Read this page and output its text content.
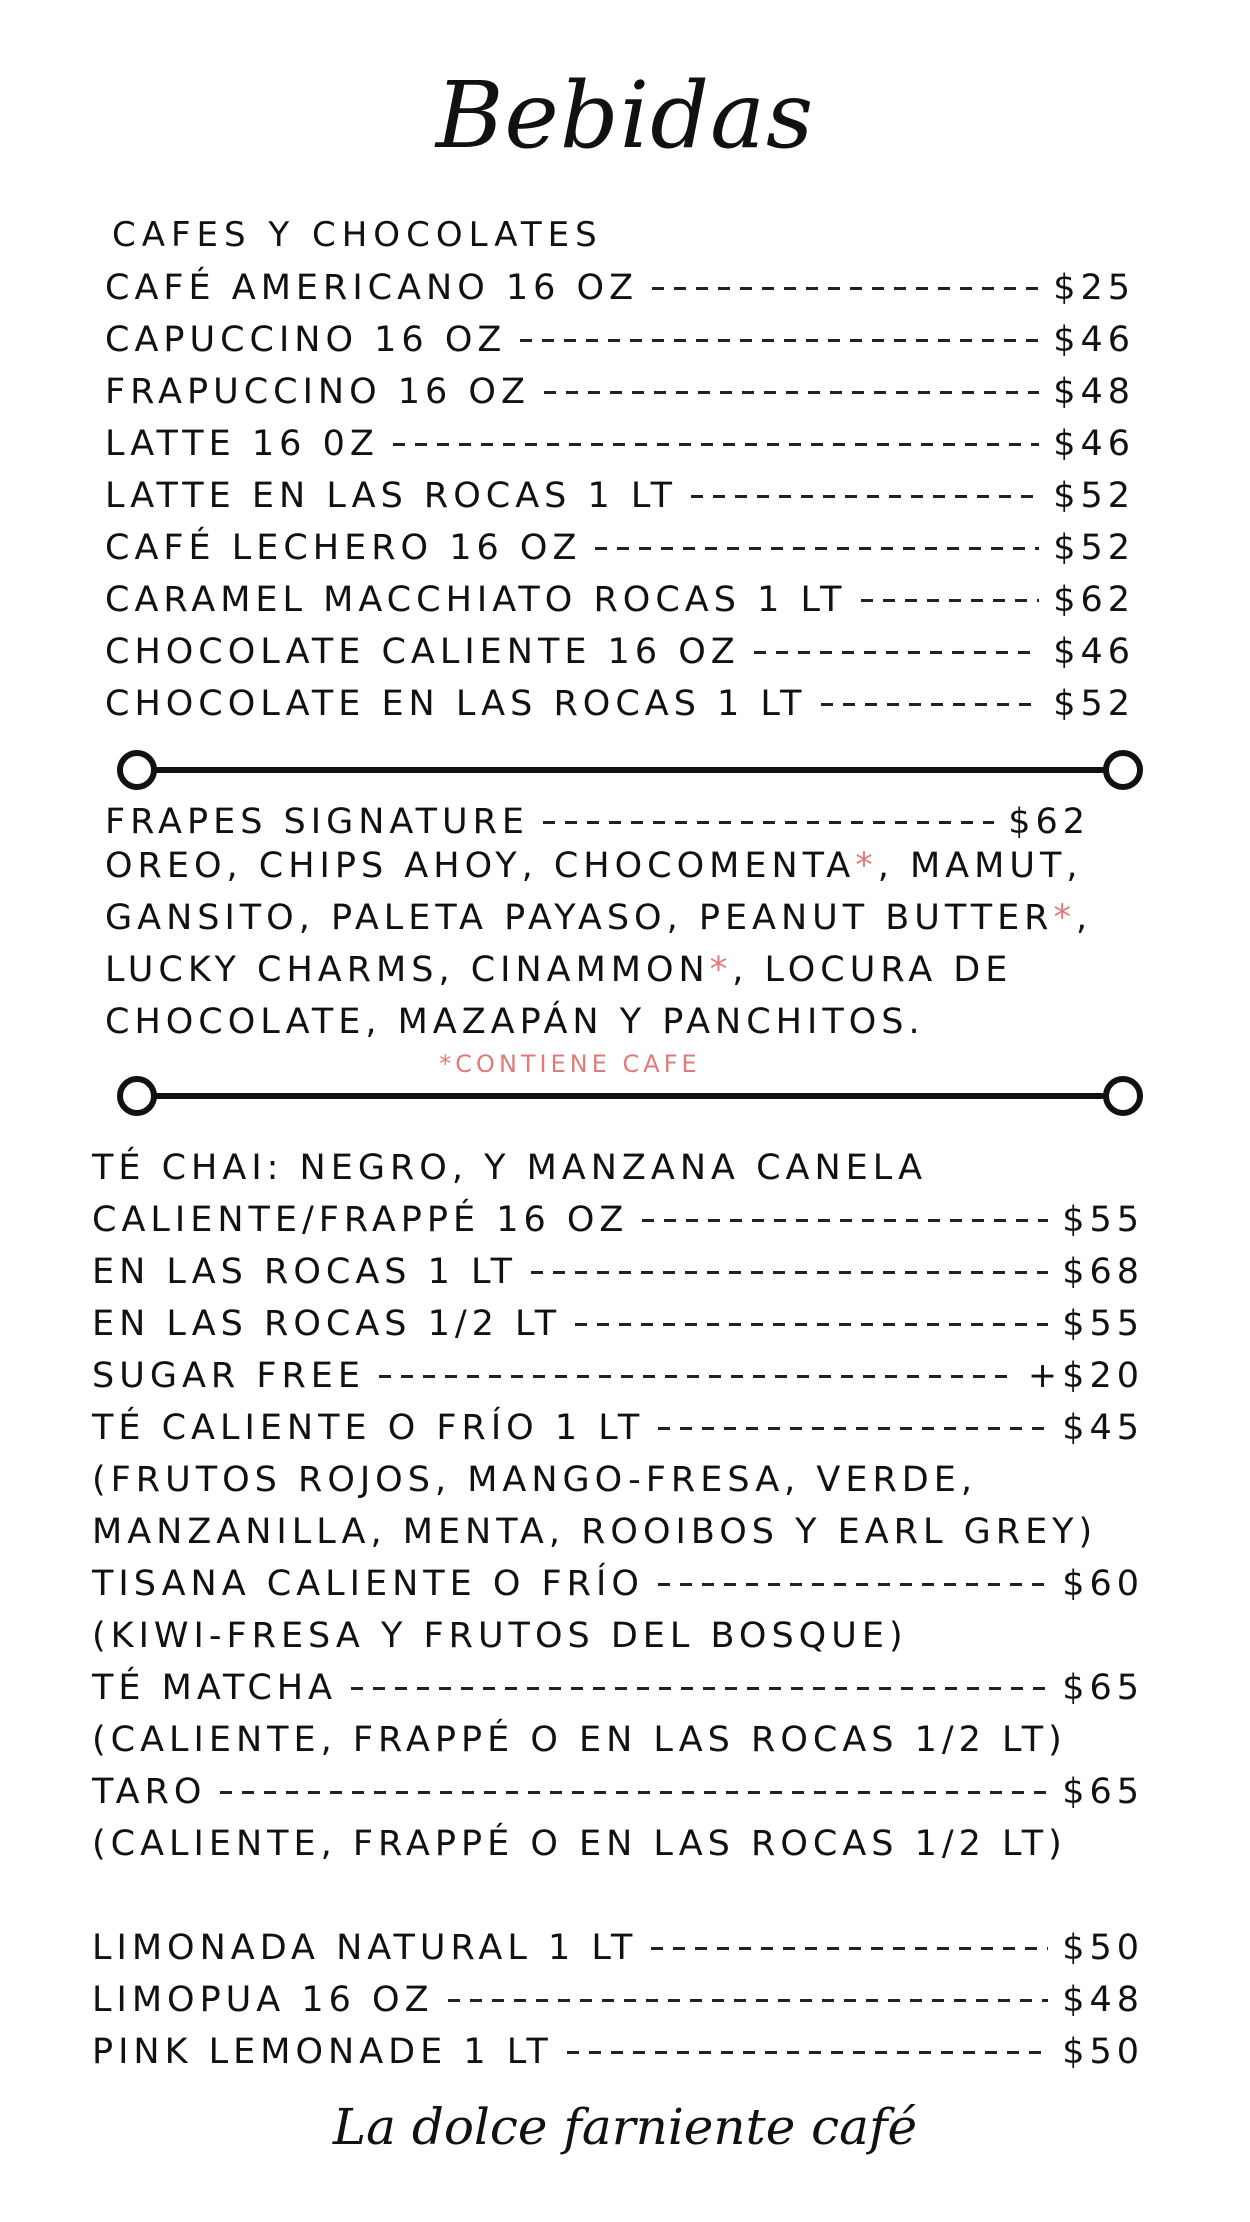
Bebidas
CAFES Y CHOCOLATES
CAFÉ AMERICANO 16 OZ	$25
CAPUCCINO 16 OZ	$46
FRAPUCCINO 16 OZ	$48
LATTE 16 0Z	$46
LATTE EN LAS ROCAS 1 LT	$52
CAFÉ LECHERO 16 OZ	$52
CARAMEL MACCHIATO ROCAS 1 LT	$62
CHOCOLATE CALIENTE 16 OZ	$46
CHOCOLATE EN LAS ROCAS 1 LT	$52
FRAPES SIGNATURE	$62
OREO, CHIPS AHOY, CHOCOMENTA*, MAMUT,
GANSITO, PALETA PAYASO, PEANUT BUTTER*,
LUCKY CHARMS, CINAMMON*, LOCURA DE
CHOCOLATE, MAZAPÁN Y PANCHITOS.
*CONTIENE CAFE
TÉ CHAI: NEGRO, Y MANZANA CANELA
CALIENTE/FRAPPÉ 16 OZ	$55
EN LAS ROCAS 1 LT	$68
EN LAS ROCAS 1/2 LT	$55
SUGAR FREE	+$20
TÉ CALIENTE O FRÍO 1 LT	$45
(FRUTOS ROJOS, MANGO-FRESA, VERDE,
MANZANILLA, MENTA, ROOIBOS Y EARL GREY)
TISANA CALIENTE O FRÍO	$60
(KIWI-FRESA Y FRUTOS DEL BOSQUE)
TÉ MATCHA	$65
(CALIENTE, FRAPPÉ O EN LAS ROCAS 1/2 LT)
TARO	$65
(CALIENTE, FRAPPÉ O EN LAS ROCAS 1/2 LT)
LIMONADA NATURAL 1 LT	$50
LIMOPUA 16 OZ	$48
PINK LEMONADE 1 LT	$50
La dolce farniente café
